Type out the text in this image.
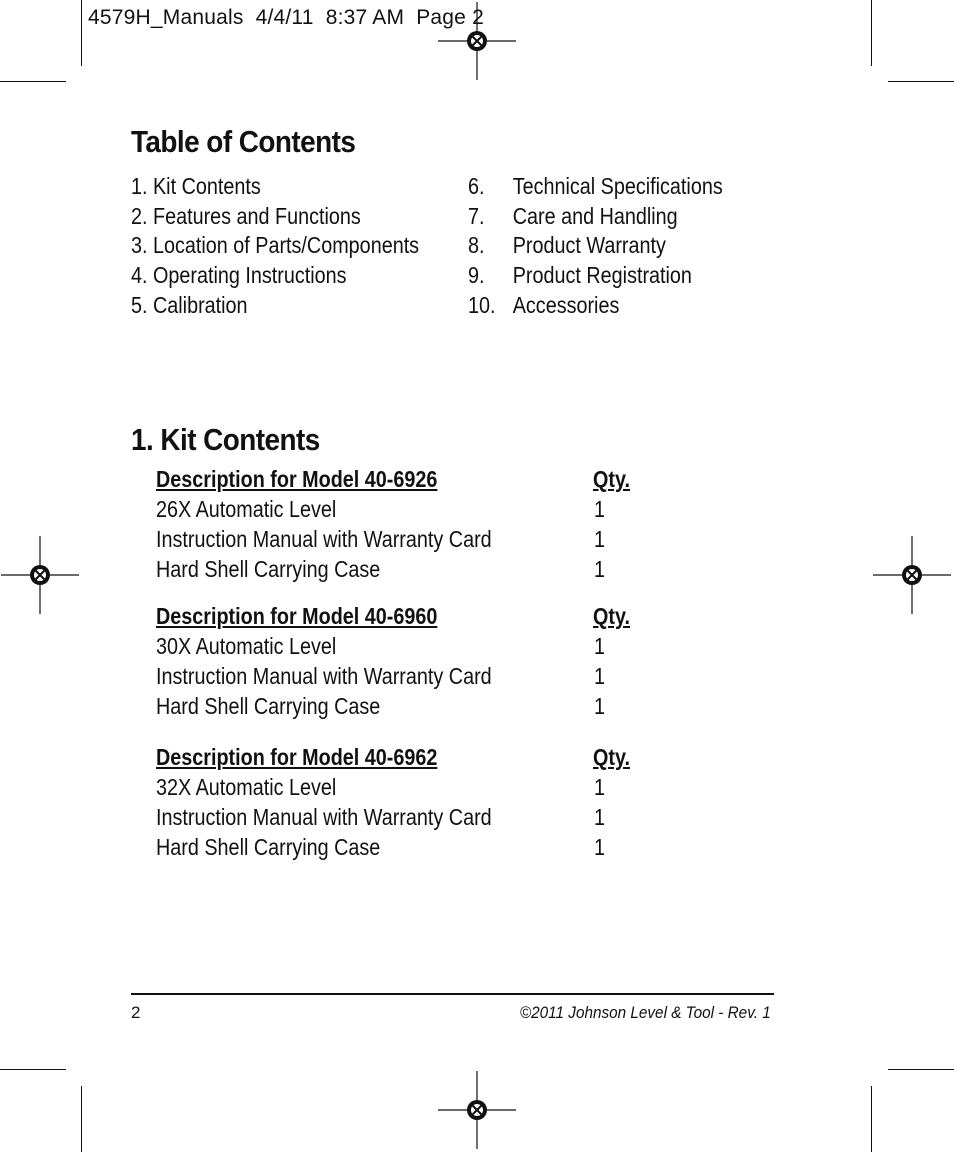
4579H_Manuals  4/4/11  8:37 AM  Page 2
Table of Contents
1. Kit Contents
2. Features and Functions
3. Location of Parts/Components
4. Operating Instructions
5. Calibration
6. Technical Specifications
7. Care and Handling
8. Product Warranty
9. Product Registration
10. Accessories
1. Kit Contents
Description for Model 40-6926	Qty.
26X Automatic Level	1
Instruction Manual with Warranty Card	1
Hard Shell Carrying Case	1
Description for Model 40-6960	Qty.
30X Automatic Level	1
Instruction Manual with Warranty Card	1
Hard Shell Carrying Case	1
Description for Model 40-6962	Qty.
32X Automatic Level	1
Instruction Manual with Warranty Card	1
Hard Shell Carrying Case	1
2	©2011 Johnson Level & Tool - Rev. 1
